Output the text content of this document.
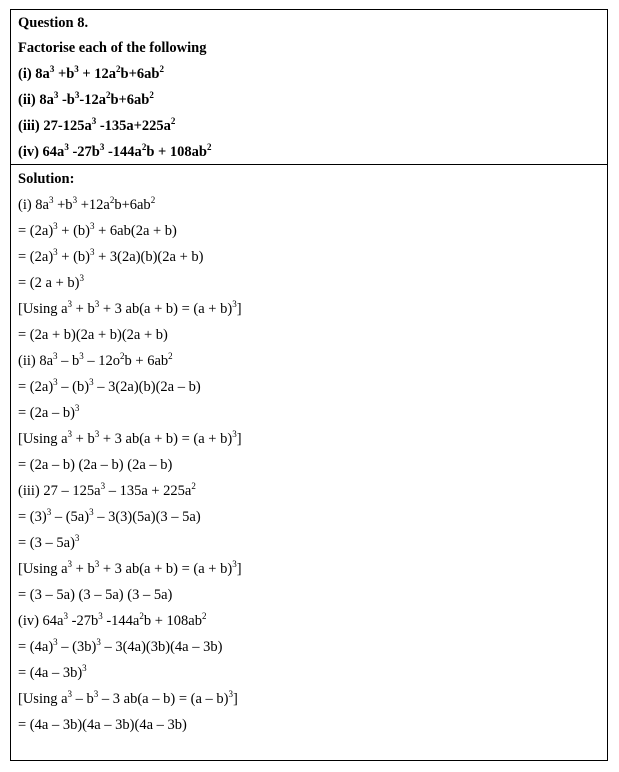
Question 8.
Factorise each of the following
(i) $8a^3 +b^3 + 12a^2b+6ab^2$
(ii) $8a^3$ $-b^3-12a^2b+6ab^2$
(iii) $27-125a^3$ $-135a+225a^2$
(iv) $64a^3$ $-27b^3$ $-144a^2b + 108ab^2$
Solution:
(i) $8a^3 +b^3 +12a^2b+6ab^2$
= $(2a)^3 + (b)^3 + 6ab(2a + b)$
= $(2a)^3 + (b)^3 + 3(2a)(b)(2a + b)$
= (2 a + b)$^3$
[Using $a^3 + b^3 + 3$ $ab(a + b) = (a + b)^3$]
= (2a + b)(2a + b)(2a + b)
(ii) $8a^3 - b^3 - 12o^2b + 6ab^2$
= $(2a)^3 - (b)^3 - 3(2a)(b)(2a - b)$
= (2a – b)$^3$
[Using $a^3 + b^3 + 3$ $ab(a + b) = (a + b)^3$]
= (2a – b) (2a – b) (2a – b)
(iii) $27 - 125a^3 - 135a + 225a^2$
= $(3)^3 - (5a)^3 - 3(3)(5a)(3 - 5a)$
= (3 – 5a)$^3$
[Using $a^3 + b^3 + 3$ $ab(a + b) = (a + b)^3$]
= (3 – 5a) (3 – 5a) (3 – 5a)
(iv) $64a^3$ $-27b^3$ $-144a^2b + 108ab^2$
= $(4a)^3 - (3b)^3 - 3(4a)(3b)(4a - 3b)$
= (4a – 3b)$^3$
[Using $a^3 - b^3 - 3$ ab(a – b) = (a – b)$^3$]
= (4a – 3b)(4a – 3b)(4a – 3b)
